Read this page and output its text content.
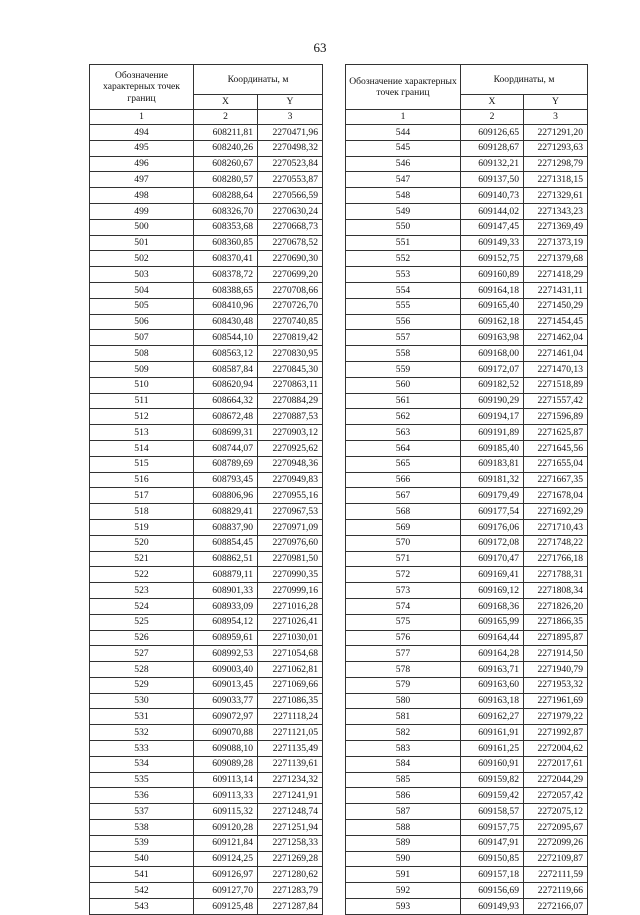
63
Обозначение характерных точек границ	Координаты, м	
	X	Y
1	2	3
494	608211,81	2270471,96
495	608240,26	2270498,32
496	608260,67	2270523,84
497	608280,57	2270553,87
498	608288,64	2270566,59
499	608326,70	2270630,24
500	608353,68	2270668,73
501	608360,85	2270678,52
502	608370,41	2270690,30
503	608378,72	2270699,20
504	608388,65	2270708,66
505	608410,96	2270726,70
506	608430,48	2270740,85
507	608544,10	2270819,42
508	608563,12	2270830,95
509	608587,84	2270845,30
510	608620,94	2270863,11
511	608664,32	2270884,29
512	608672,48	2270887,53
513	608699,31	2270903,12
514	608744,07	2270925,62
515	608789,69	2270948,36
516	608793,45	2270949,83
517	608806,96	2270955,16
518	608829,41	2270967,53
519	608837,90	2270971,09
520	608854,45	2270976,60
521	608862,51	2270981,50
522	608879,11	2270990,35
523	608901,33	2270999,16
524	608933,09	2271016,28
525	608954,12	2271026,41
526	608959,61	2271030,01
527	608992,53	2271054,68
528	609003,40	2271062,81
529	609013,45	2271069,66
530	609033,77	2271086,35
531	609072,97	2271118,24
532	609070,88	2271121,05
533	609088,10	2271135,49
534	609089,28	2271139,61
535	609113,14	2271234,32
536	609113,33	2271241,91
537	609115,32	2271248,74
538	609120,28	2271251,94
539	609121,84	2271258,33
540	609124,25	2271269,28
541	609126,97	2271280,62
542	609127,70	2271283,79
543	609125,48	2271287,84
Обозначение характерных точек границ	Координаты, м	
	X	Y
1	2	3
544	609126,65	2271291,20
545	609128,67	2271293,63
546	609132,21	2271298,79
547	609137,50	2271318,15
548	609140,73	2271329,61
549	609144,02	2271343,23
550	609147,45	2271369,49
551	609149,33	2271373,19
552	609152,75	2271379,68
553	609160,89	2271418,29
554	609164,18	2271431,11
555	609165,40	2271450,29
556	609162,18	2271454,45
557	609163,98	2271462,04
558	609168,00	2271461,04
559	609172,07	2271470,13
560	609182,52	2271518,89
561	609190,29	2271557,42
562	609194,17	2271596,89
563	609191,89	2271625,87
564	609185,40	2271645,56
565	609183,81	2271655,04
566	609181,32	2271667,35
567	609179,49	2271678,04
568	609177,54	2271692,29
569	609176,06	2271710,43
570	609172,08	2271748,22
571	609170,47	2271766,18
572	609169,41	2271788,31
573	609169,12	2271808,34
574	609168,36	2271826,20
575	609165,99	2271866,35
576	609164,44	2271895,87
577	609164,28	2271914,50
578	609163,71	2271940,79
579	609163,60	2271953,32
580	609163,18	2271961,69
581	609162,27	2271979,22
582	609161,91	2271992,87
583	609161,25	2272004,62
584	609160,91	2272017,61
585	609159,82	2272044,29
586	609159,42	2272057,42
587	609158,57	2272075,12
588	609157,75	2272095,67
589	609147,91	2272099,26
590	609150,85	2272109,87
591	609157,18	2272111,59
592	609156,69	2272119,66
593	609149,93	2272166,07
